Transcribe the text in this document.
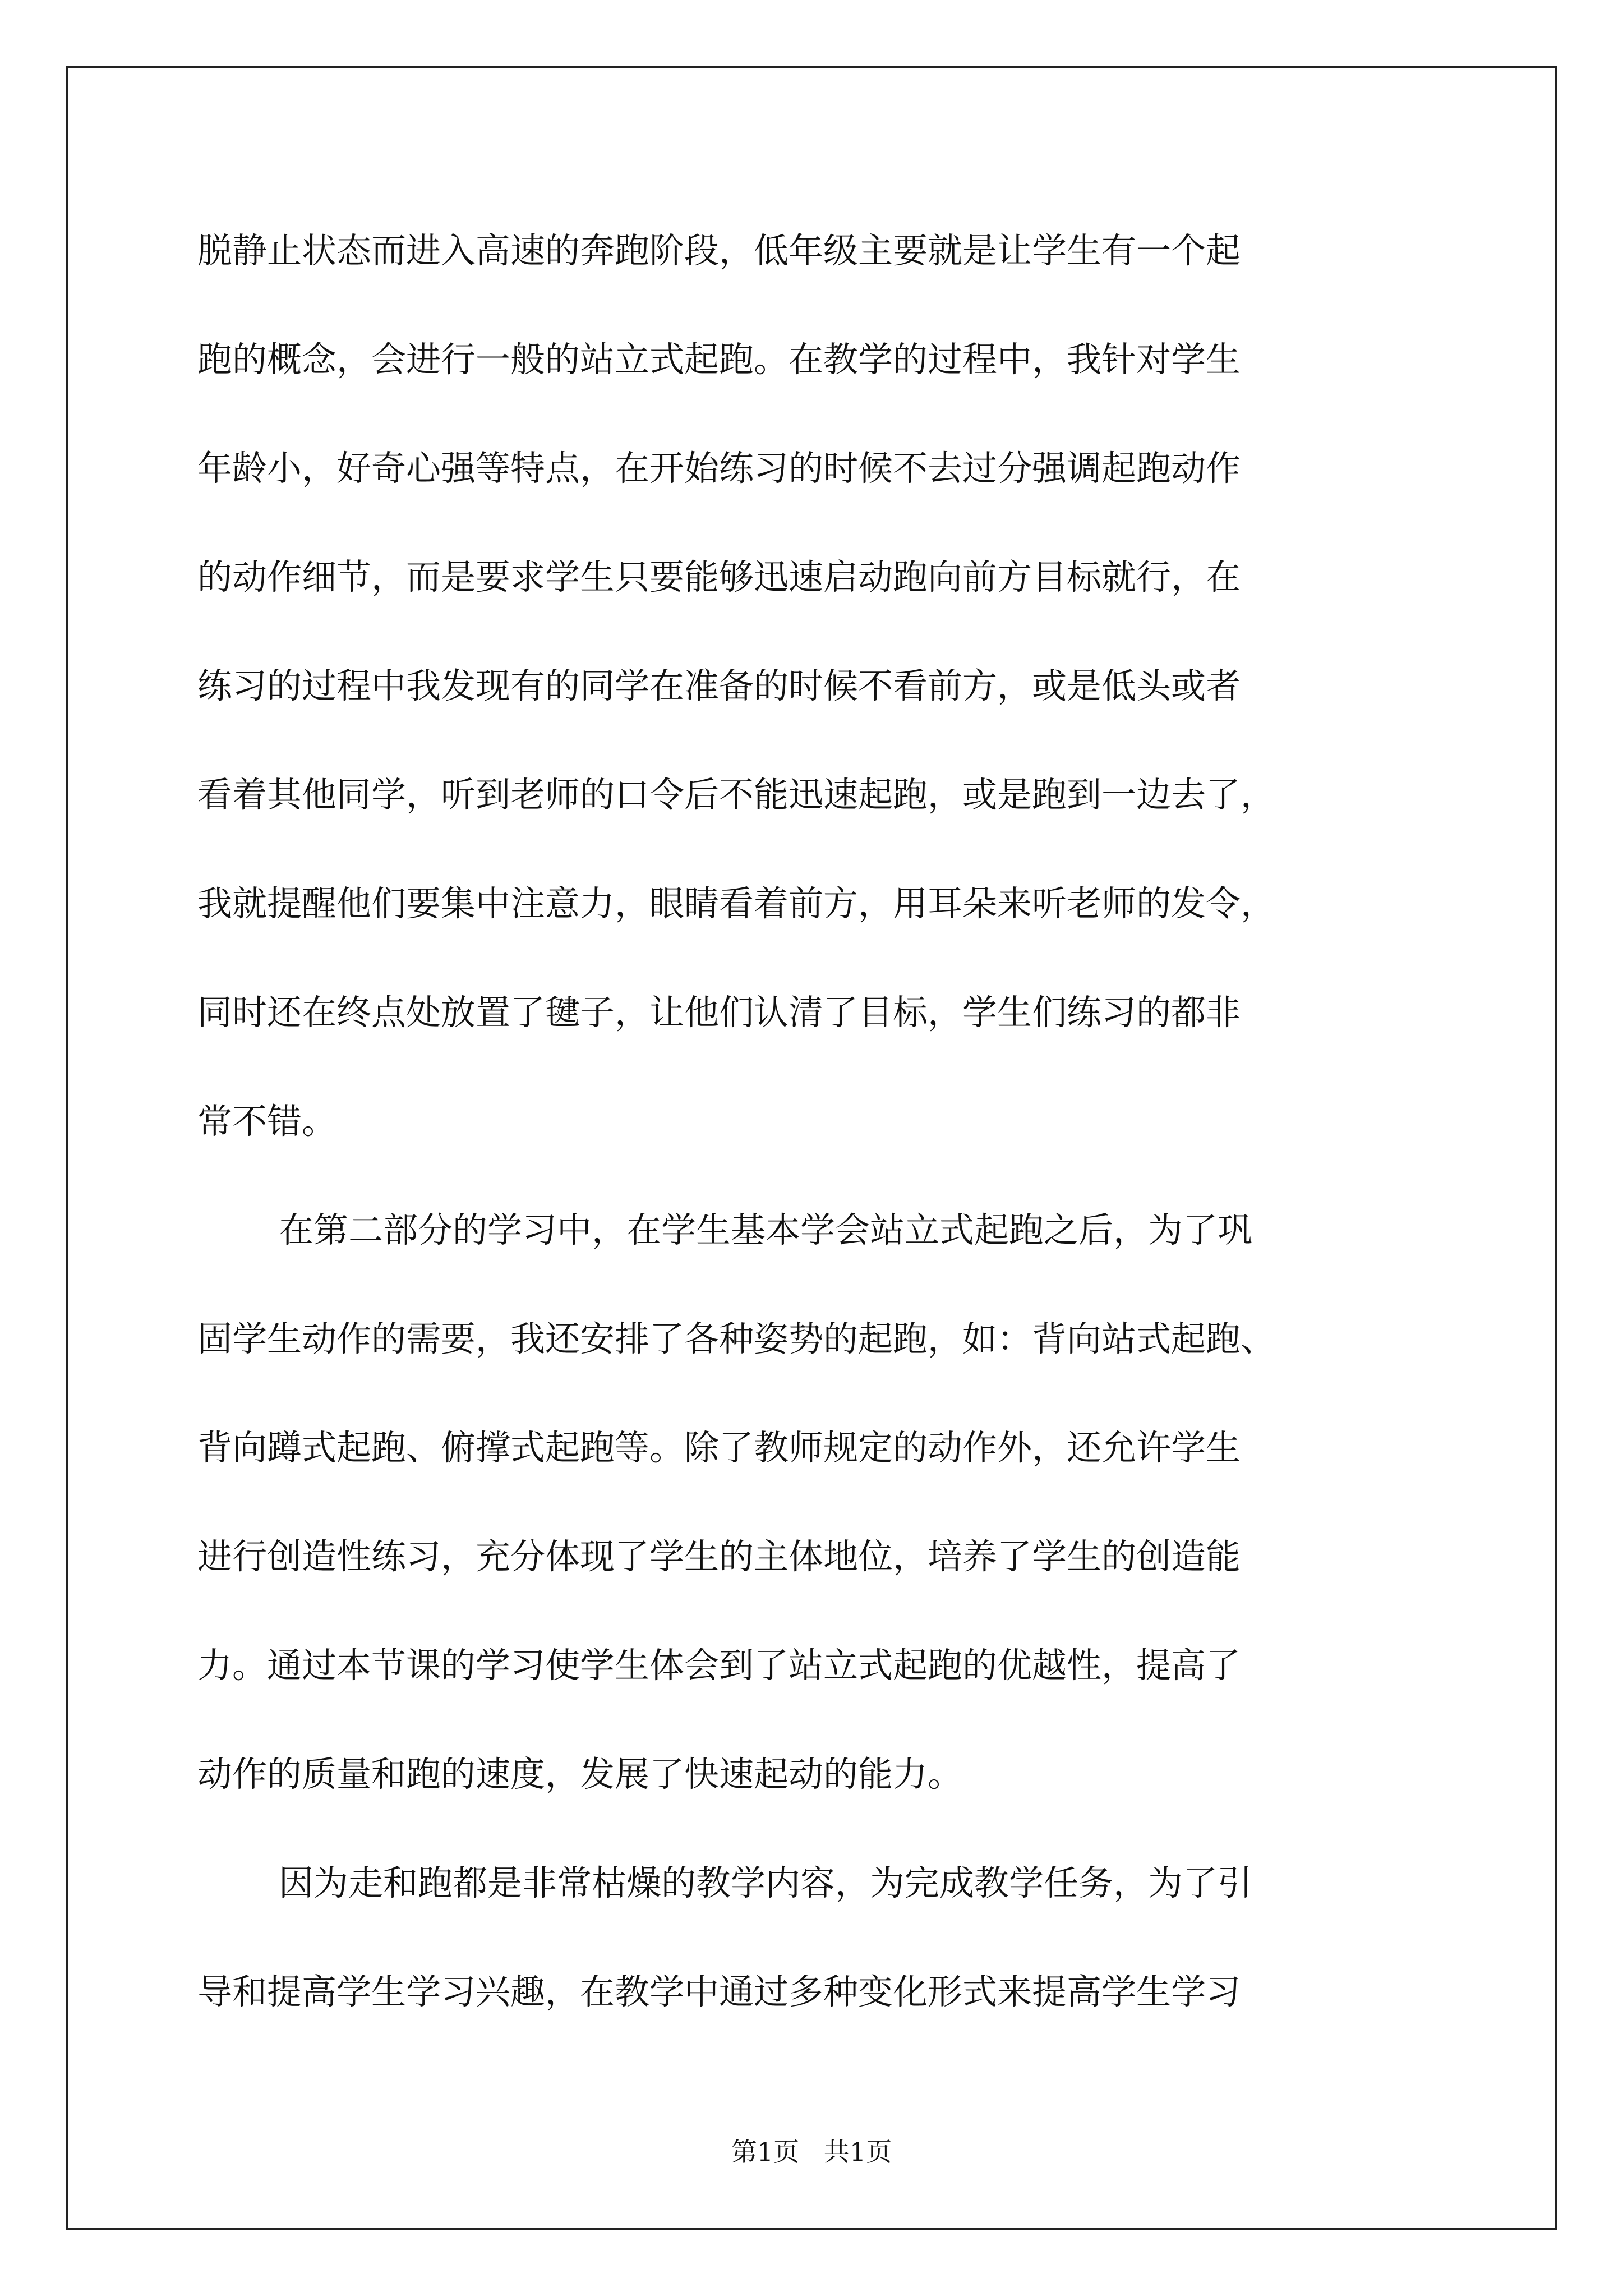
脱静止状态而进入高速的奔跑阶段，低年级主要就是让学生有一个起
跑的概念，会进行一般的站立式起跑。在教学的过程中，我针对学生
年龄小，好奇心强等特点，在开始练习的时候不去过分强调起跑动作
的动作细节，而是要求学生只要能够迅速启动跑向前方目标就行，在
练习的过程中我发现有的同学在准备的时候不看前方，或是低头或者
看着其他同学，听到老师的口令后不能迅速起跑，或是跑到一边去了，
我就提醒他们要集中注意力，眼睛看着前方，用耳朵来听老师的发令，
同时还在终点处放置了毽子，让他们认清了目标，学生们练习的都非
常不错。
在第二部分的学习中，在学生基本学会站立式起跑之后，为了巩
固学生动作的需要，我还安排了各种姿势的起跑，如：背向站式起跑、
背向蹲式起跑、俯撑式起跑等。除了教师规定的动作外，还允许学生
进行创造性练习，充分体现了学生的主体地位，培养了学生的创造能
力。通过本节课的学习使学生体会到了站立式起跑的优越性，提高了
动作的质量和跑的速度，发展了快速起动的能力。
因为走和跑都是非常枯燥的教学内容，为完成教学任务，为了引
导和提高学生学习兴趣，在教学中通过多种变化形式来提高学生学习
第1页   共1页
